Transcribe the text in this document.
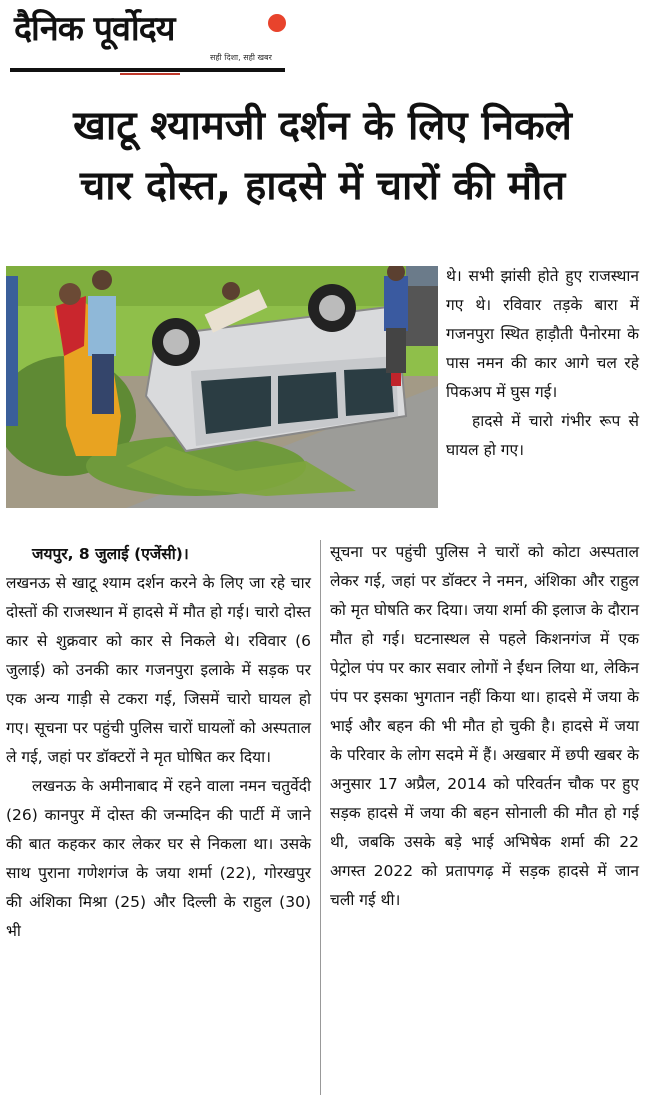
दैनिक पूर्वोदय
सही दिशा, सही खबर
खाटू श्यामजी दर्शन के लिए निकले
चार दोस्त, हादसे में चारों की मौत

थे। सभी झांसी होते हुए राजस्थान गए थे। रविवार तड़के बारा में गजनपुरा स्थित हाड़ौती पैनोरमा के पास नमन की कार आगे चल रहे पिकअप में घुस गई।

हादसे में चारो गंभीर रूप से घायल हो गए।

जयपुर, 8 जुलाई (एजेंसी)।

लखनऊ से खाटू श्याम दर्शन करने के लिए जा रहे चार दोस्तों की राजस्थान में हादसे में मौत हो गई। चारो दोस्त कार से शुक्रवार को कार से निकले थे। रविवार (6 जुलाई) को उनकी कार गजनपुरा इलाके में सड़क पर एक अन्य गाड़ी से टकरा गई, जिसमें चारो घायल हो गए। सूचना पर पहुंची पुलिस चारों घायलों को अस्पताल ले गई, जहां पर डॉक्टरों ने मृत घोषित कर दिया।

लखनऊ के अमीनाबाद में रहने वाला नमन चतुर्वेदी (26) कानपुर में दोस्त की जन्मदिन की पार्टी में जाने की बात कहकर कार लेकर घर से निकला था। उसके साथ पुराना गणेशगंज के जया शर्मा (22), गोरखपुर की अंशिका मिश्रा (25) और दिल्ली के राहुल (30) भी

सूचना पर पहुंची पुलिस ने चारों को कोटा अस्पताल लेकर गई, जहां पर डॉक्टर ने नमन, अंशिका और राहुल को मृत घोषति कर दिया। जया शर्मा की इलाज के दौरान मौत हो गई। घटनास्थल से पहले किशनगंज में एक पेट्रोल पंप पर कार सवार लोगों ने ईंधन लिया था, लेकिन पंप पर इसका भुगतान नहीं किया था। हादसे में जया के भाई और बहन की भी मौत हो चुकी है। हादसे में जया के परिवार के लोग सदमे में हैं। अखबार में छपी खबर के अनुसार 17 अप्रैल, 2014 को परिवर्तन चौक पर हुए सड़क हादसे में जया की बहन सोनाली की मौत हो गई थी, जबकि उसके बड़े भाई अभिषेक शर्मा की 22 अगस्त 2022 को प्रतापगढ़ में सड़क हादसे में जान चली गई थी।
